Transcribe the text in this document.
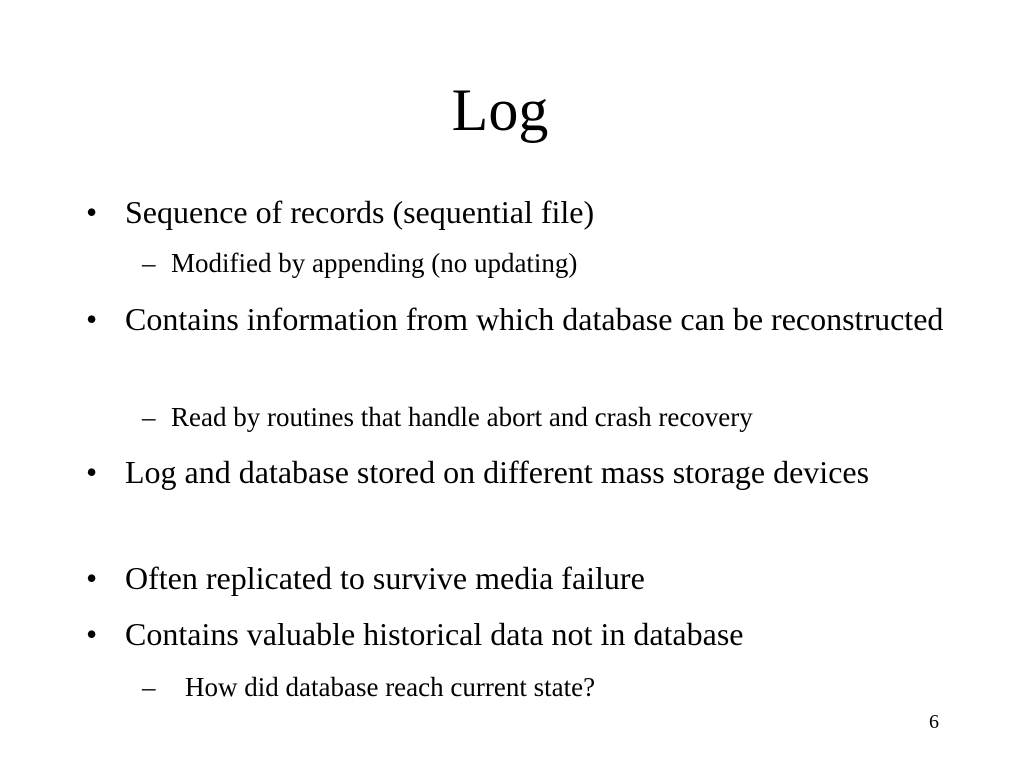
Log
• Sequence of records (sequential file)
– Modified by appending (no updating)
• Contains information from which database can be reconstructed
– Read by routines that handle abort and crash recovery
• Log and database stored on different mass storage devices
• Often replicated to survive media failure
• Contains valuable historical data not in database
– How did database reach current state?
6
